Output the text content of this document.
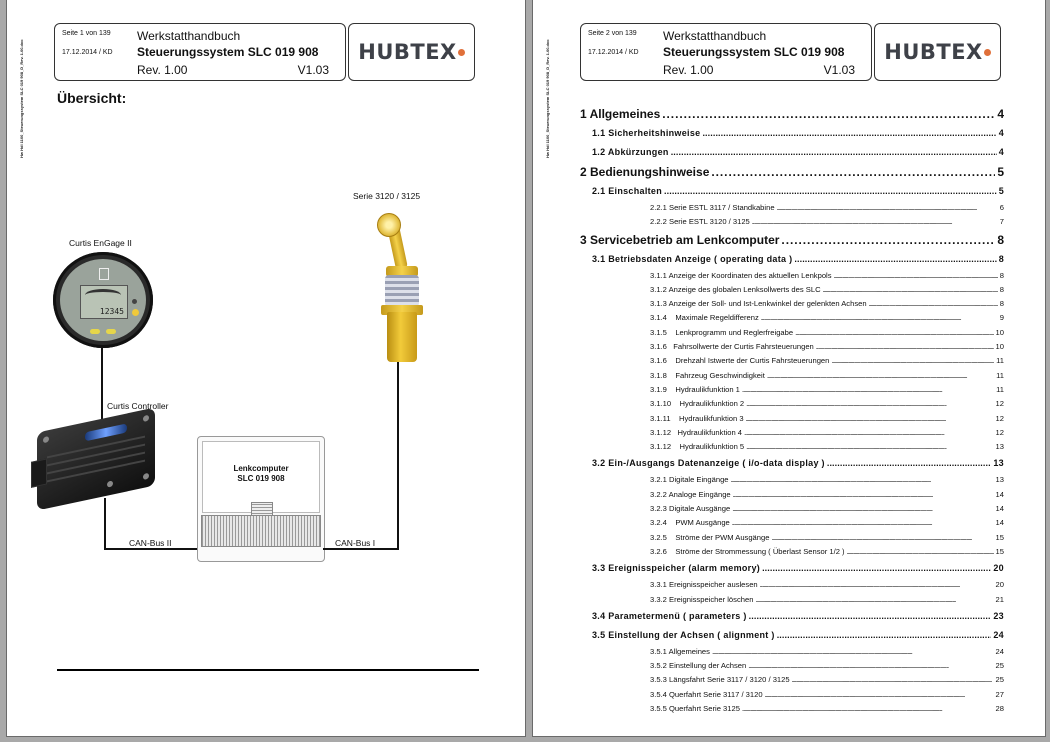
Hw Hdl 1100_Steuerungssystem SLC 019 908_D_Rev. 1.00.doc
Seite 1 von 139
17.12.2014 / KD
Werkstatthandbuch
Steuerungssystem SLC 019 908
Rev. 1.00	V1.03
HUBTEX
Übersicht:
Curtis EnGage II
12345
Curtis Controller
CAN-Bus II
Lenkcomputer
SLC 019 908
CAN-Bus I
Serie 3120 / 3125
Hw Hdl 1100_Steuerungssystem SLC 019 908_D_Rev. 1.00.doc
Seite 2 von 139
17.12.2014 / KD
Werkstatthandbuch
Steuerungssystem SLC 019 908
Rev. 1.00	V1.03
HUBTEX
1 Allgemeines . . .	4
1.1 Sicherheitshinweise . . .	4
1.2 Abkürzungen . . .	4
2 Bedienungshinweise . . .	5
2.1 Einschalten . . .	5
2.2.1 Serie ESTL 3117 / Standkabine . . .	6
2.2.2 Serie ESTL 3120 / 3125 . . .	7
3 Servicebetrieb am Lenkcomputer . . .	8
3.1 Betriebsdaten Anzeige ( operating data ) . . .	8
3.1.1 Anzeige der Koordinaten des aktuellen Lenkpols . . .	8
3.1.2 Anzeige des globalen Lenksollwerts des SLC . . .	8
3.1.3 Anzeige der Soll- und Ist-Lenkwinkel der gelenkten Achsen . . .	8
3.1.4    Maximale Regeldifferenz . . .	9
3.1.5    Lenkprogramm und Reglerfreigabe . . .	10
3.1.6   Fahrsollwerte der Curtis Fahrsteuerungen . . .	10
3.1.6    Drehzahl Istwerte der Curtis Fahrsteuerungen . . .	11
3.1.8    Fahrzeug Geschwindigkeit . . .	11
3.1.9    Hydraulikfunktion 1 . . .	11
3.1.10    Hydraulikfunktion 2 . . .	12
3.1.11    Hydraulikfunktion 3 . . .	12
3.1.12   Hydraulikfunktion 4 . . .	12
3.1.12    Hydraulikfunktion 5 . . .	13
3.2 Ein-/Ausgangs Datenanzeige ( i/o-data display ) . . .	13
3.2.1 Digitale Eingänge . . .	13
3.2.2 Analoge Eingänge . . .	14
3.2.3 Digitale Ausgänge . . .	14
3.2.4    PWM Ausgänge . . .	14
3.2.5    Ströme der PWM Ausgänge . . .	15
3.2.6    Ströme der Strommessung ( Überlast Sensor 1/2 ) . . .	15
3.3 Ereignisspeicher (alarm memory) . . .	20
3.3.1 Ereignisspeicher auslesen . . .	20
3.3.2 Ereignisspeicher löschen . . .	21
3.4 Parametermenü ( parameters ) . . .	23
3.5 Einstellung der Achsen ( alignment ) . . .	24
3.5.1 Allgemeines . . .	24
3.5.2 Einstellung der Achsen . . .	25
3.5.3 Längsfahrt Serie 3117 / 3120 / 3125 . . .	25
3.5.4 Querfahrt Serie 3117 / 3120 . . .	27
3.5.5 Querfahrt Serie 3125 . . .	28
